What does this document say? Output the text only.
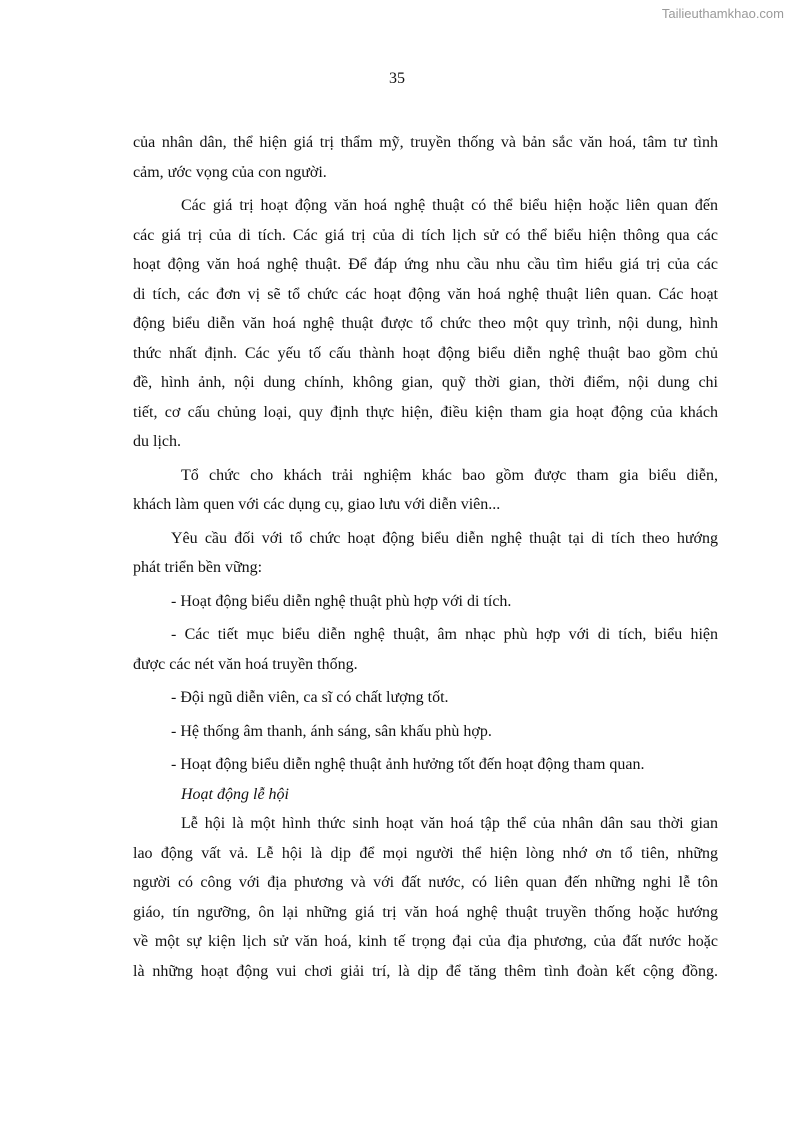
Tailieuthamkhao.com
35
của nhân dân, thể hiện giá trị thẩm mỹ, truyền thống và bản sắc văn hoá, tâm tư tình
cảm, ước vọng của con người.
Các giá trị hoạt động văn hoá nghệ thuật có thể biểu hiện hoặc liên quan đến
các giá trị của di tích. Các giá trị của di tích lịch sử có thể biểu hiện thông qua các
hoạt động văn hoá nghệ thuật. Để đáp ứng nhu cầu nhu cầu tìm hiểu giá trị của các
di tích, các đơn vị sẽ tổ chức các hoạt động văn hoá nghệ thuật liên quan. Các hoạt
động biểu diễn văn hoá nghệ thuật được tổ chức theo một quy trình, nội dung, hình
thức nhất định. Các yếu tố cấu thành hoạt động biểu diễn nghệ thuật bao gồm chủ
đề, hình ảnh, nội dung chính, không gian, quỹ thời gian, thời điểm, nội dung chi
tiết, cơ cấu chủng loại, quy định thực hiện, điều kiện tham gia hoạt động của khách
du lịch.
Tổ chức cho khách trải nghiệm khác bao gồm được tham gia biểu diễn,
khách làm quen với các dụng cụ, giao lưu với diễn viên...
Yêu cầu đối với tổ chức hoạt động biểu diễn nghệ thuật tại di tích theo hướng
phát triển bền vững:
- Hoạt động biểu diễn nghệ thuật phù hợp với di tích.
- Các tiết mục biểu diễn nghệ thuật, âm nhạc phù hợp với di tích, biểu hiện
được các nét văn hoá truyền thống.
- Đội ngũ diễn viên, ca sĩ có chất lượng tốt.
- Hệ thống âm thanh, ánh sáng, sân khấu phù hợp.
- Hoạt động biểu diễn nghệ thuật ảnh hưởng tốt đến hoạt động tham quan.
Hoạt động lễ hội
Lễ hội là một hình thức sinh hoạt văn hoá tập thể của nhân dân sau thời gian
lao động vất vả. Lễ hội là dịp để mọi người thể hiện lòng nhớ ơn tổ tiên, những
người có công với địa phương và với đất nước, có liên quan đến những nghi lễ tôn
giáo, tín ngưỡng, ôn lại những giá trị văn hoá nghệ thuật truyền thống hoặc hướng
về một sự kiện lịch sử văn hoá, kinh tế trọng đại của địa phương, của đất nước hoặc
là những hoạt động vui chơi giải trí, là dịp để tăng thêm tình đoàn kết cộng đồng.
